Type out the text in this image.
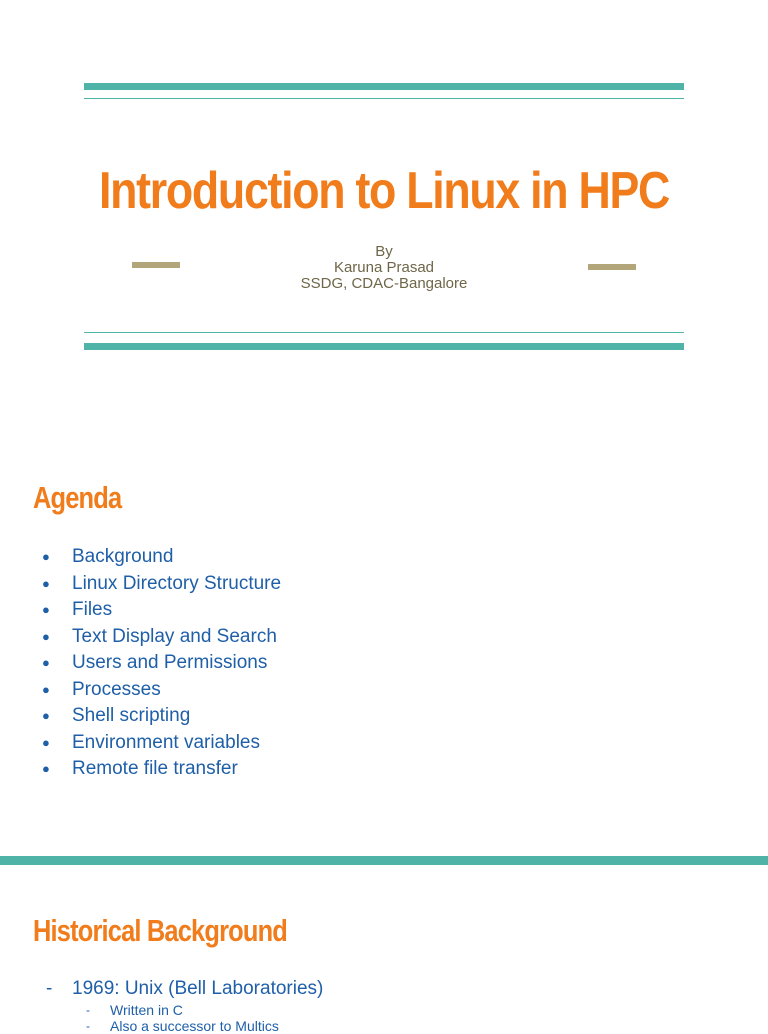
Introduction to Linux in HPC
By
Karuna Prasad
SSDG, CDAC-Bangalore
Agenda
● Background
● Linux Directory Structure
● Files
● Text Display and Search
● Users and Permissions
● Processes
● Shell scripting
● Environment variables
● Remote file transfer
Historical Background
- 1969: Unix (Bell Laboratories)
- Written in C
- Also a successor to Multics
